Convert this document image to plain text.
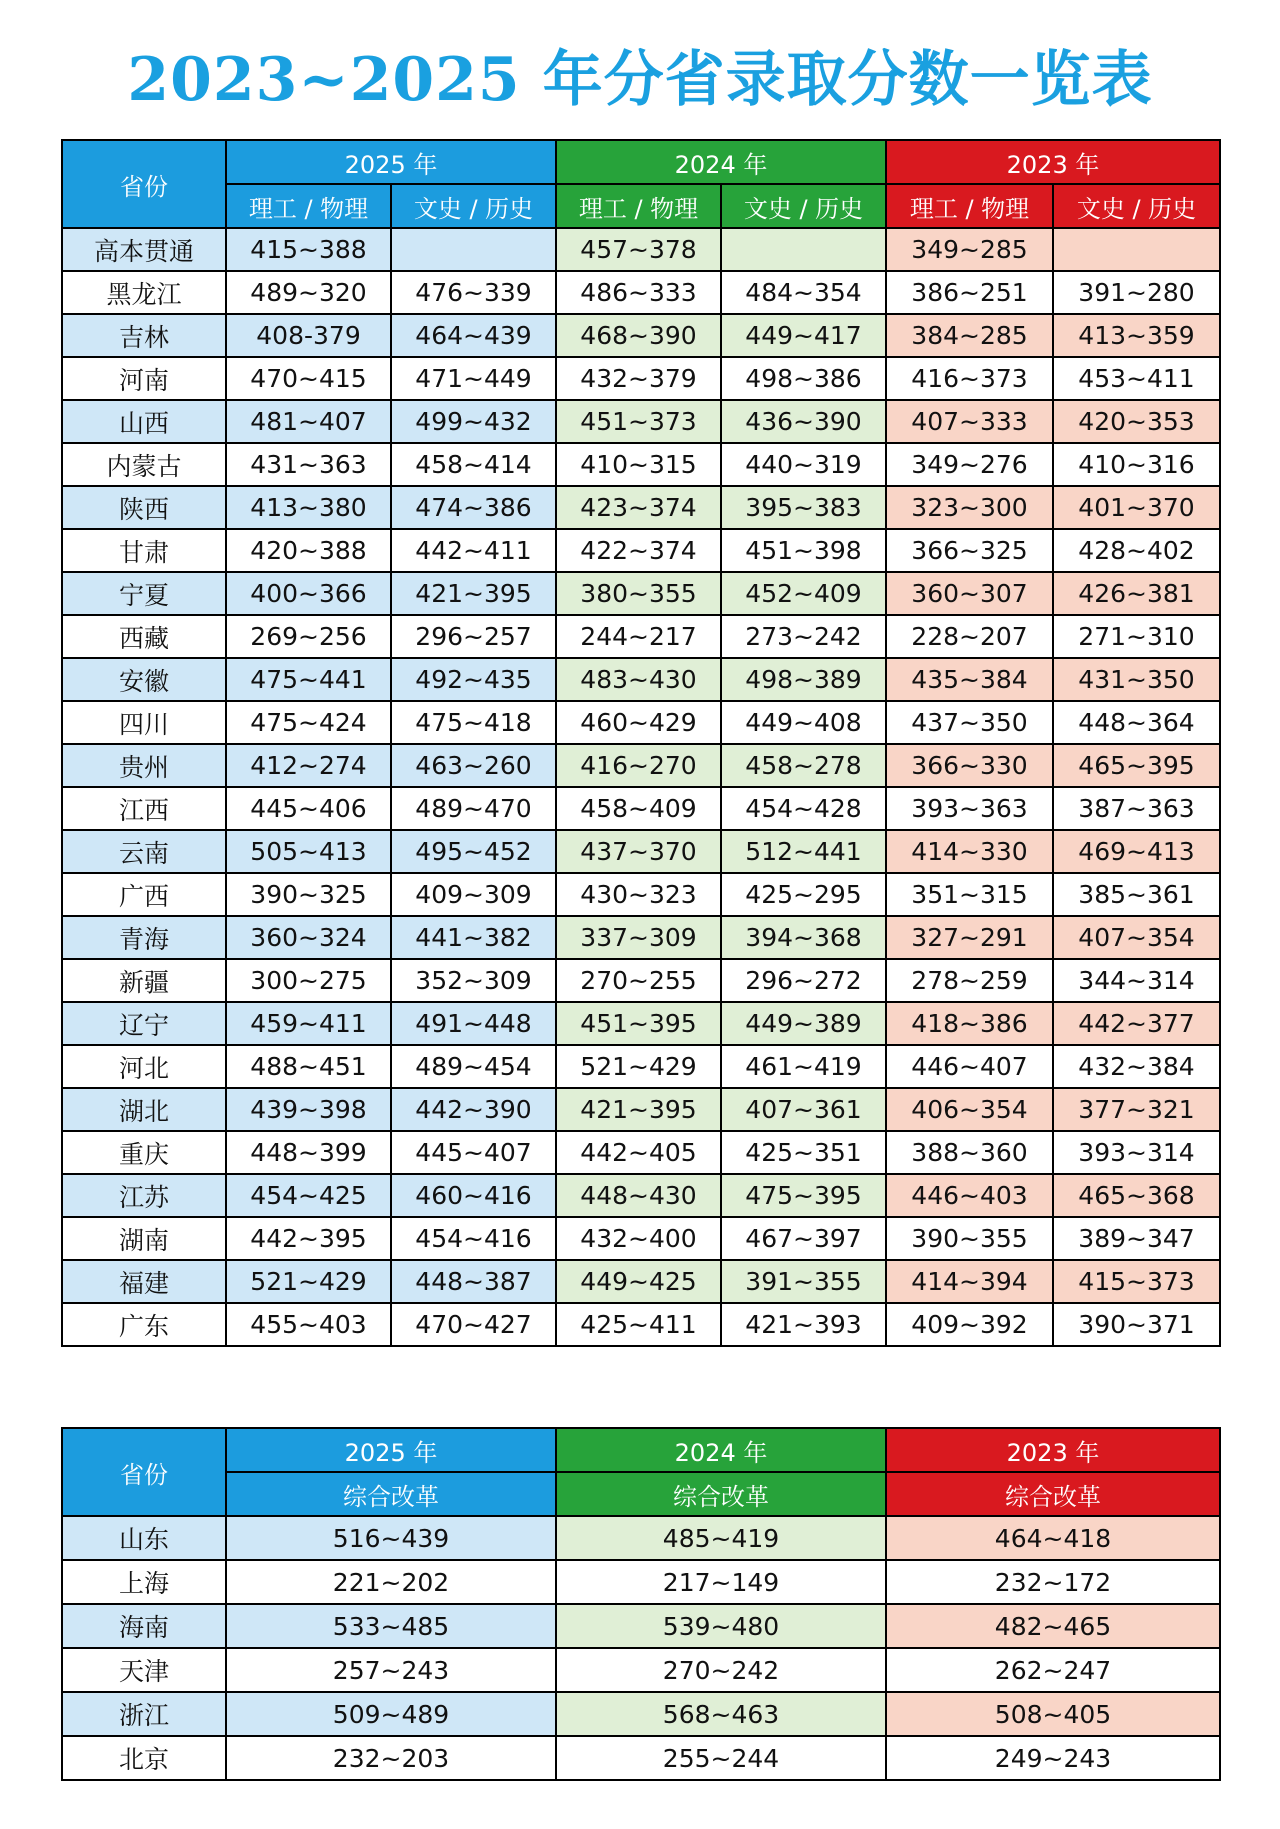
2023~2025 年分省录取分数一览表
省份	2025 年		2024 年		2023 年	
	理工 / 物理	文史 / 历史	理工 / 物理	文史 / 历史	理工 / 物理	文史 / 历史
高本贯通	415~388		457~378		349~285	
黑龙江	489~320	476~339	486~333	484~354	386~251	391~280
吉林	408-379	464~439	468~390	449~417	384~285	413~359
河南	470~415	471~449	432~379	498~386	416~373	453~411
山西	481~407	499~432	451~373	436~390	407~333	420~353
内蒙古	431~363	458~414	410~315	440~319	349~276	410~316
陕西	413~380	474~386	423~374	395~383	323~300	401~370
甘肃	420~388	442~411	422~374	451~398	366~325	428~402
宁夏	400~366	421~395	380~355	452~409	360~307	426~381
西藏	269~256	296~257	244~217	273~242	228~207	271~310
安徽	475~441	492~435	483~430	498~389	435~384	431~350
四川	475~424	475~418	460~429	449~408	437~350	448~364
贵州	412~274	463~260	416~270	458~278	366~330	465~395
江西	445~406	489~470	458~409	454~428	393~363	387~363
云南	505~413	495~452	437~370	512~441	414~330	469~413
广西	390~325	409~309	430~323	425~295	351~315	385~361
青海	360~324	441~382	337~309	394~368	327~291	407~354
新疆	300~275	352~309	270~255	296~272	278~259	344~314
辽宁	459~411	491~448	451~395	449~389	418~386	442~377
河北	488~451	489~454	521~429	461~419	446~407	432~384
湖北	439~398	442~390	421~395	407~361	406~354	377~321
重庆	448~399	445~407	442~405	425~351	388~360	393~314
江苏	454~425	460~416	448~430	475~395	446~403	465~368
湖南	442~395	454~416	432~400	467~397	390~355	389~347
福建	521~429	448~387	449~425	391~355	414~394	415~373
广东	455~403	470~427	425~411	421~393	409~392	390~371
省份	2025 年	2024 年	2023 年
	综合改革	综合改革	综合改革
山东	516~439	485~419	464~418
上海	221~202	217~149	232~172
海南	533~485	539~480	482~465
天津	257~243	270~242	262~247
浙江	509~489	568~463	508~405
北京	232~203	255~244	249~243
